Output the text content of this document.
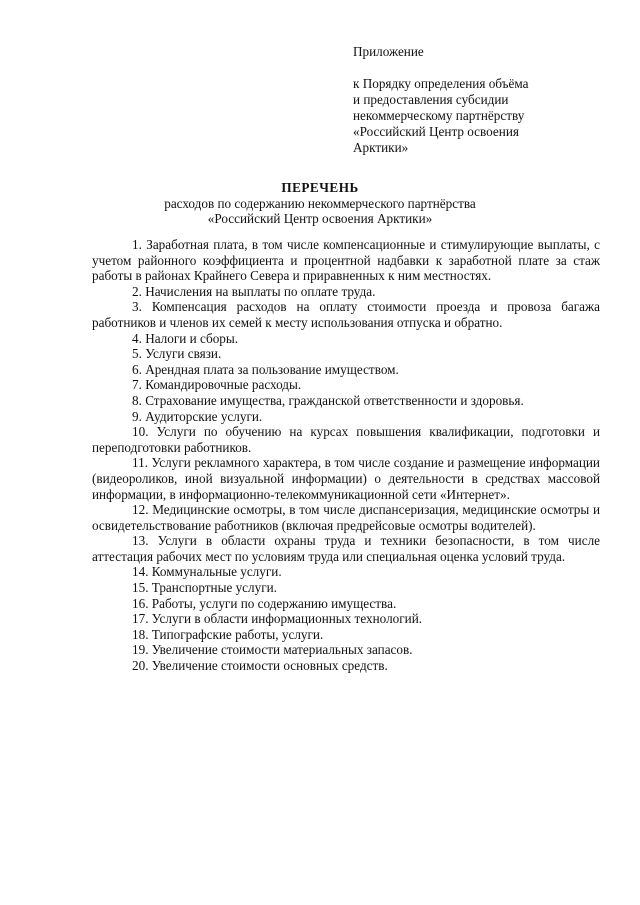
Приложение
к Порядку определения объёма
и предоставления субсидии
некоммерческому партнёрству
«Российский Центр освоения
Арктики»
ПЕРЕЧЕНЬ
расходов по содержанию некоммерческого партнёрства
«Российский Центр освоения Арктики»

1. Заработная плата, в том числе компенсационные и стимулирующие выплаты, с учетом районного коэффициента и процентной надбавки к заработной плате за стаж работы в районах Крайнего Севера и приравненных к ним местностях.

2. Начисления на выплаты по оплате труда.

3. Компенсация расходов на оплату стоимости проезда и провоза багажа работников и членов их семей к месту использования отпуска и обратно.

4. Налоги и сборы.

5. Услуги связи.

6. Арендная плата за пользование имуществом.

7. Командировочные расходы.

8. Страхование имущества, гражданской ответственности и здоровья.

9. Аудиторские услуги.

10. Услуги по обучению на курсах повышения квалификации, подготовки и переподготовки работников.

11. Услуги рекламного характера, в том числе создание и размещение информации (видеороликов, иной визуальной информации) о деятельности в средствах массовой информации, в информационно-телекоммуникационной сети «Интернет».

12. Медицинские осмотры, в том числе диспансеризация, медицинские осмотры и освидетельствование работников (включая предрейсовые осмотры водителей).

13. Услуги в области охраны труда и техники безопасности, в том числе аттестация рабочих мест по условиям труда или специальная оценка условий труда.

14. Коммунальные услуги.

15. Транспортные услуги.

16. Работы, услуги по содержанию имущества.

17. Услуги в области информационных технологий.

18. Типографские работы, услуги.

19. Увеличение стоимости материальных запасов.

20. Увеличение стоимости основных средств.
